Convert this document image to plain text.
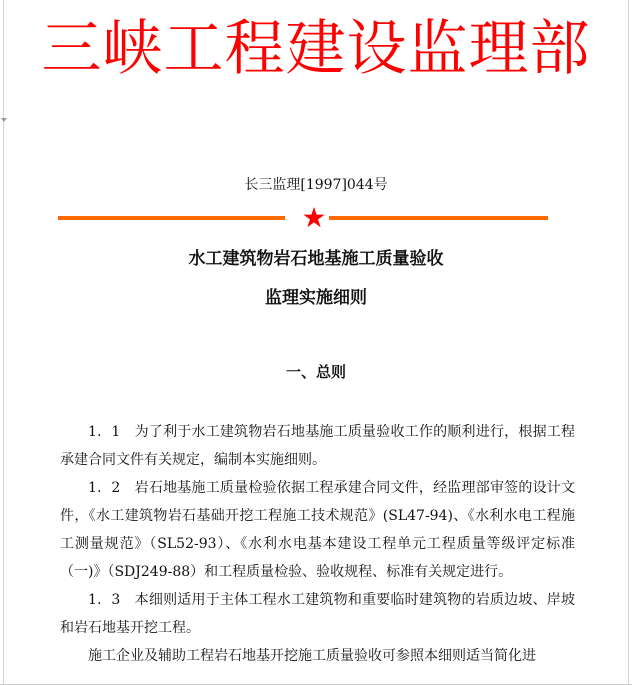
三峡工程建设监理部
长三监理[1997]044号
水工建筑物岩石地基施工质量验收
监理实施细则
一、总则

1．1　为了利于水工建筑物岩石地基施工质量验收工作的顺利进行，根据工程承建合同文件有关规定，编制本实施细则。

1．2　岩石地基施工质量检验依据工程承建合同文件，经监理部审签的设计文件，《水工建筑物岩石基础开挖工程施工技术规范》(SL47-94)、《水利水电工程施工测量规范》（SL52-93）、《水利水电基本建设工程单元工程质量等级评定标准（一)》（SDJ249-88）和工程质量检验、验收规程、标准有关规定进行。

1．3　本细则适用于主体工程水工建筑物和重要临时建筑物的岩质边坡、岸坡和岩石地基开挖工程。

施工企业及辅助工程岩石地基开挖施工质量验收可参照本细则适当简化进
